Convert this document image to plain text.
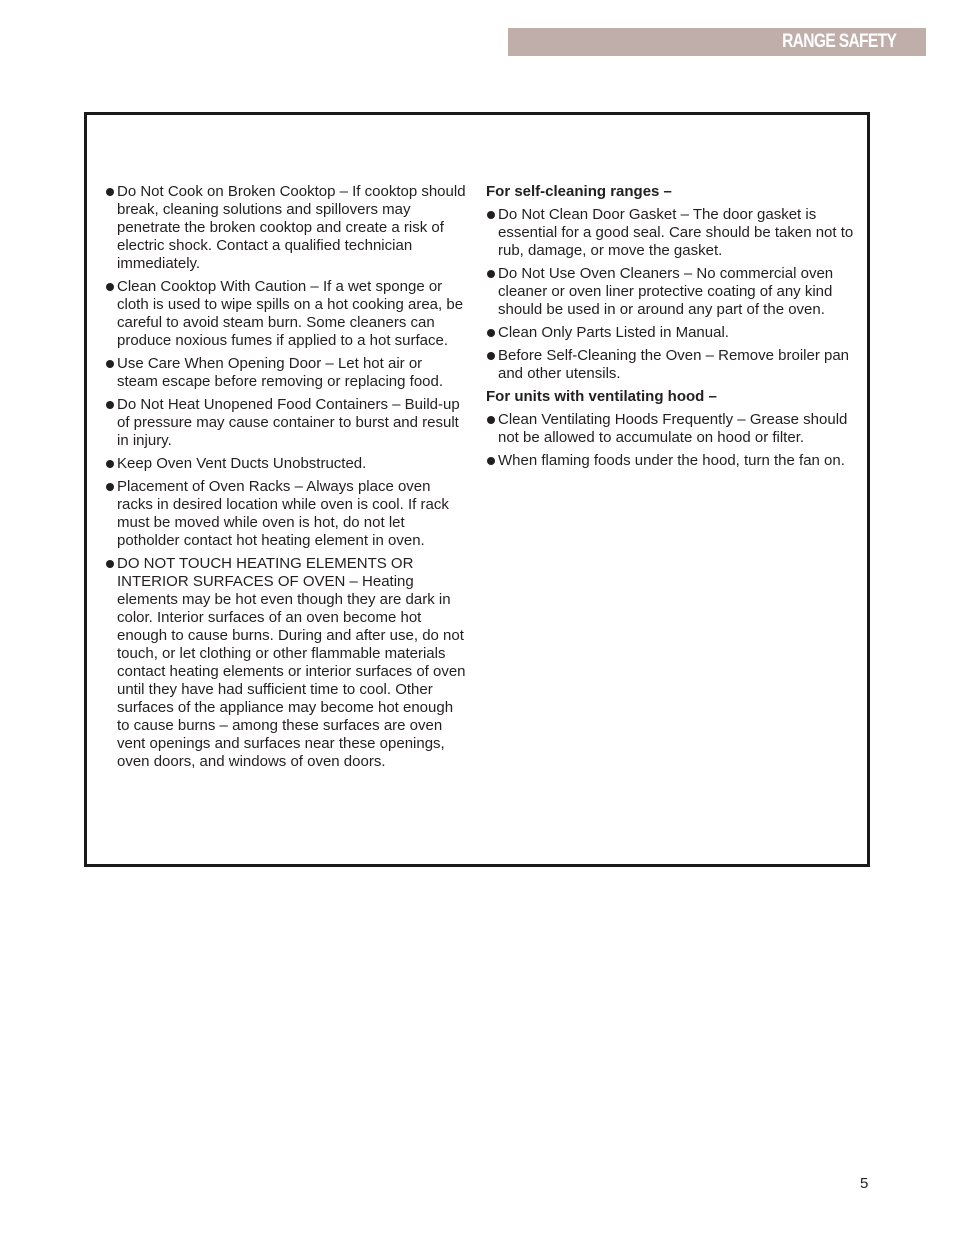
RANGE SAFETY
Do Not Cook on Broken Cooktop – If cooktop should break, cleaning solutions and spillovers may penetrate the broken cooktop and create a risk of electric shock. Contact a qualified technician immediately.
Clean Cooktop With Caution – If a wet sponge or cloth is used to wipe spills on a hot cooking area, be careful to avoid steam burn. Some cleaners can produce noxious fumes if applied to a hot surface.
Use Care When Opening Door – Let hot air or steam escape before removing or replacing food.
Do Not Heat Unopened Food Containers – Build-up of pressure may cause container to burst and result in injury.
Keep Oven Vent Ducts Unobstructed.
Placement of Oven Racks – Always place oven racks in desired location while oven is cool. If rack must be moved while oven is hot, do not let potholder contact hot heating element in oven.
DO NOT TOUCH HEATING ELEMENTS OR INTERIOR SURFACES OF OVEN – Heating elements may be hot even though they are dark in color. Interior surfaces of an oven become hot enough to cause burns. During and after use, do not touch, or let clothing or other flammable materials contact heating elements or interior surfaces of oven until they have had sufficient time to cool. Other surfaces of the appliance may become hot enough to cause burns – among these surfaces are oven vent openings and surfaces near these openings, oven doors, and windows of oven doors.
For self-cleaning ranges –
Do Not Clean Door Gasket – The door gasket is essential for a good seal. Care should be taken not to rub, damage, or move the gasket.
Do Not Use Oven Cleaners – No commercial oven cleaner or oven liner protective coating of any kind should be used in or around any part of the oven.
Clean Only Parts Listed in Manual.
Before Self-Cleaning the Oven – Remove broiler pan and other utensils.
For units with ventilating hood –
Clean Ventilating Hoods Frequently – Grease should not be allowed to accumulate on hood or filter.
When flaming foods under the hood, turn the fan on.
5
